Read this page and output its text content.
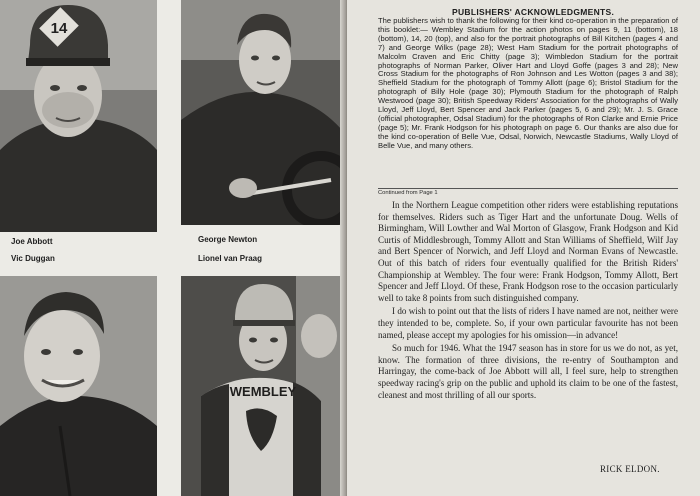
14
Joe Abbott
Vic Duggan
George Newton
Lionel van Praag
WEMBLEY
PUBLISHERS' ACKNOWLEDGMENTS.
The publishers wish to thank the following for their kind co-operation in the preparation of this booklet:— Wembley Stadium for the action photos on pages 9, 11 (bottom), 18 (bottom), 14, 20 (top), and also for the portrait photographs of Bill Kitchen (pages 4 and 7) and George Wilks (page 28); West Ham Stadium for the portrait photographs of Malcolm Craven and Eric Chitty (page 3); Wimbledon Stadium for the portrait photographs of Norman Parker, Oliver Hart and Lloyd Goffe (pages 3 and 28); New Cross Stadium for the photographs of Ron Johnson and Les Wotton (pages 3 and 38); Sheffield Stadium for the photograph of Tommy Allott (page 6); Bristol Stadium for the photograph of Billy Hole (page 30); Plymouth Stadium for the photograph of Ralph Westwood (page 30); British Speedway Riders' Association for the photographs of Wally Lloyd, Jeff Lloyd, Bert Spencer and Jack Parker (pages 5, 6 and 29); Mr. J. S. Grace (official photographer, Odsal Stadium) for the photographs of Ron Clarke and Ernie Price (page 5); Mr. Frank Hodgson for his photograph on page 6. Our thanks are also due for the kind co-operation of Belle Vue, Odsal, Norwich, Newcastle Stadiums, Wally Lloyd of Belle Vue, and many others.
Continued from Page 1

In the Northern League competition other riders were establishing reputations for themselves. Riders such as Tiger Hart and the unfortunate Doug. Wells of Birmingham, Will Lowther and Wal Morton of Glasgow, Frank Hodgson and Kid Curtis of Middlesbrough, Tommy Allott and Stan Williams of Sheffield, Wilf Jay and Bert Spencer of Norwich, and Jeff Lloyd and Norman Evans of Newcastle. Out of this batch of riders four eventually qualified for the British Riders' Championship at Wembley. The four were: Frank Hodgson, Tommy Allott, Bert Spencer and Jeff Lloyd. Of these, Frank Hodgson rose to the occasion particularly well to take 8 points from such distinguished company.

I do wish to point out that the lists of riders I have named are not, neither were they intended to be, complete. So, if your own particular favourite has not been named, please accept my apologies for his omission—in advance!

So much for 1946. What the 1947 season has in store for us we do not, as yet, know. The formation of three divisions, the re-entry of Southampton and Harringay, the come-back of Joe Abbott will all, I feel sure, help to strengthen speedway racing's grip on the public and uphold its claim to be one of the fastest, cleanest and most thrilling of all our sports.

RICK ELDON.
